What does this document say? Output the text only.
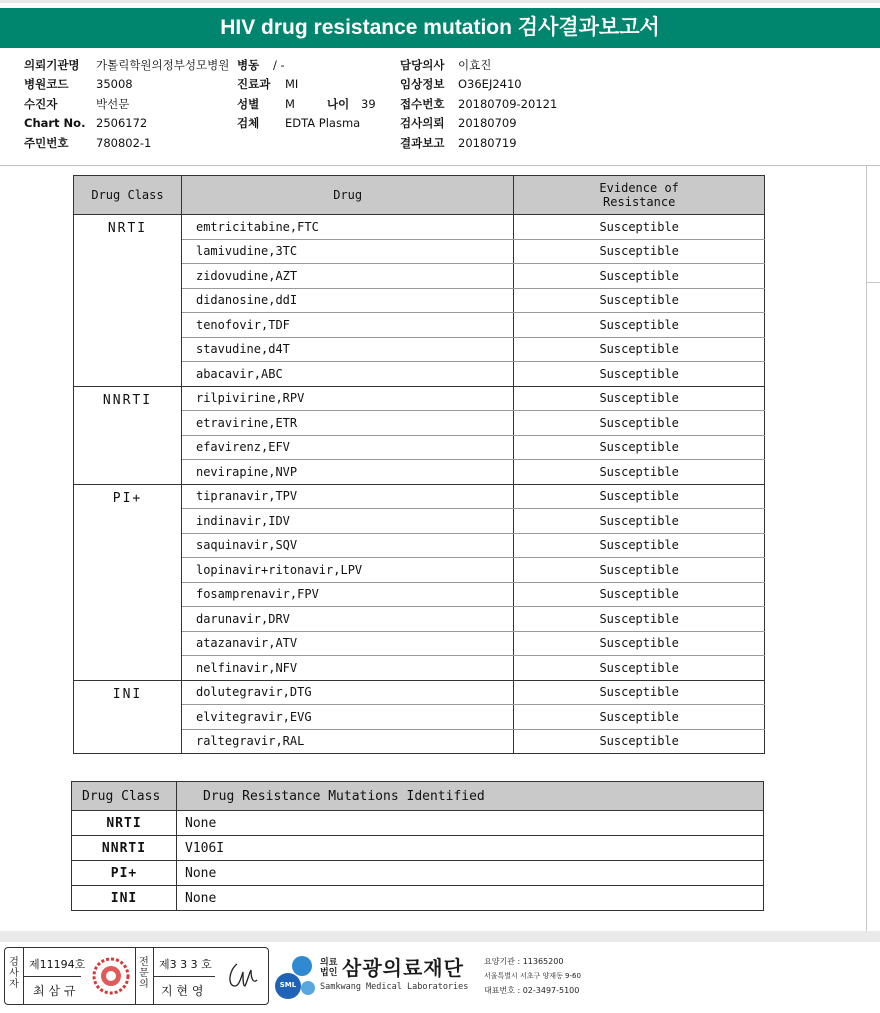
HIV drug resistance mutation 검사결과보고서
의뢰기관명	가톨릭학원의정부성모병원
병원코드	35008
수진자	박선문
Chart No. 2506172
주민번호	780802-1
병동	/ -
진료과	MI
성별	M
검체	EDTA Plasma
담당의사	이효진
임상정보	O36EJ2410
접수번호	20180709-20121
검사의뢰	20180709
결과보고	20180719
나이	39
Drug Class	Drug	Evidence of Resistance
NRTI	emtricitabine,FTC	Susceptible
	lamivudine,3TC	Susceptible
	zidovudine,AZT	Susceptible
	didanosine,ddI	Susceptible
	tenofovir,TDF	Susceptible
	stavudine,d4T	Susceptible
	abacavir,ABC	Susceptible
NNRTI	rilpivirine,RPV	Susceptible
	etravirine,ETR	Susceptible
	efavirenz,EFV	Susceptible
	nevirapine,NVP	Susceptible
PI+	tipranavir,TPV	Susceptible
	indinavir,IDV	Susceptible
	saquinavir,SQV	Susceptible
	lopinavir+ritonavir,LPV	Susceptible
	fosamprenavir,FPV	Susceptible
	darunavir,DRV	Susceptible
	atazanavir,ATV	Susceptible
	nelfinavir,NFV	Susceptible
INI	dolutegravir,DTG	Susceptible
	elvitegravir,EVG	Susceptible
	raltegravir,RAL	Susceptible
Drug Class	Drug Resistance Mutations Identified
NRTI	None
NNRTI	V106I
PI+	None
INI	None
검사자
제11194호
최 삼 규
전문의
제3 3 3 호
지 현 영	SML
의료법인 삼광의료재단
Samkwang Medical Laboratories
요양기관 : 11365200
서울특별시 서초구 양재동 9-60
대표번호 : 02-3497-5100
